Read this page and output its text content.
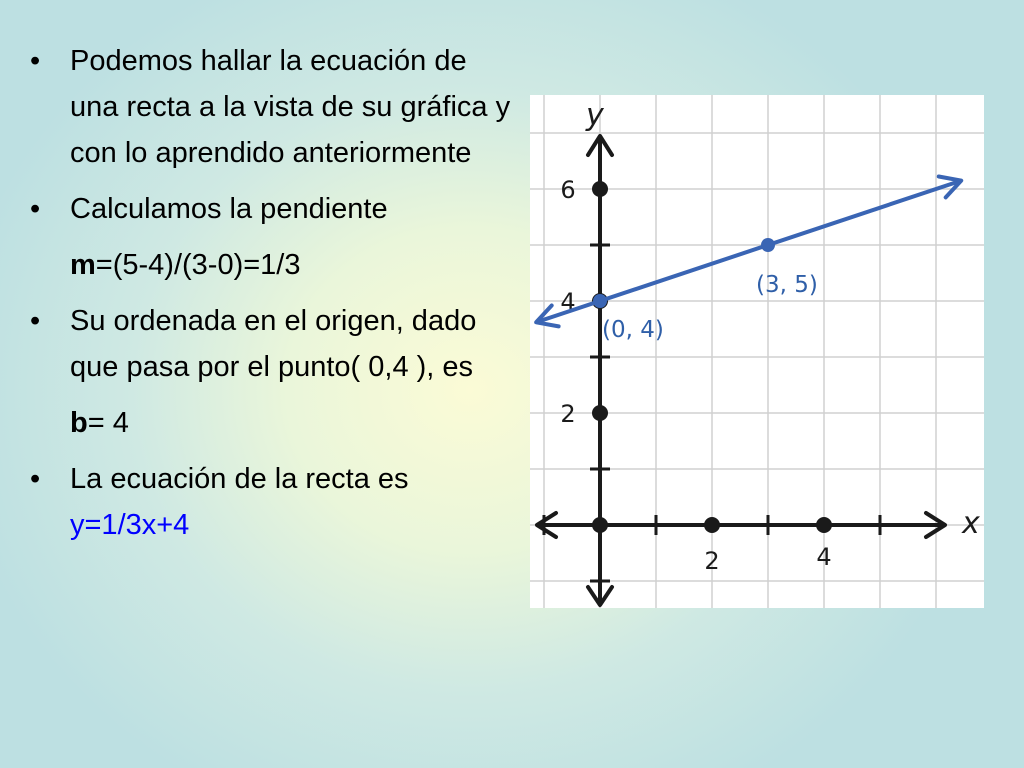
• Podemos hallar la ecuación de una recta a la vista de su gráfica y con lo aprendido anteriormente
• Calculamos la pendiente
m=(5-4)/(3-0)=1/3
• Su ordenada en el origen, dado que pasa por el punto( 0,4 ), es
b= 4
• La ecuación de la recta es y=1/3x+4
2	4
2
4
6
x
y
(0, 4)
(3, 5)
